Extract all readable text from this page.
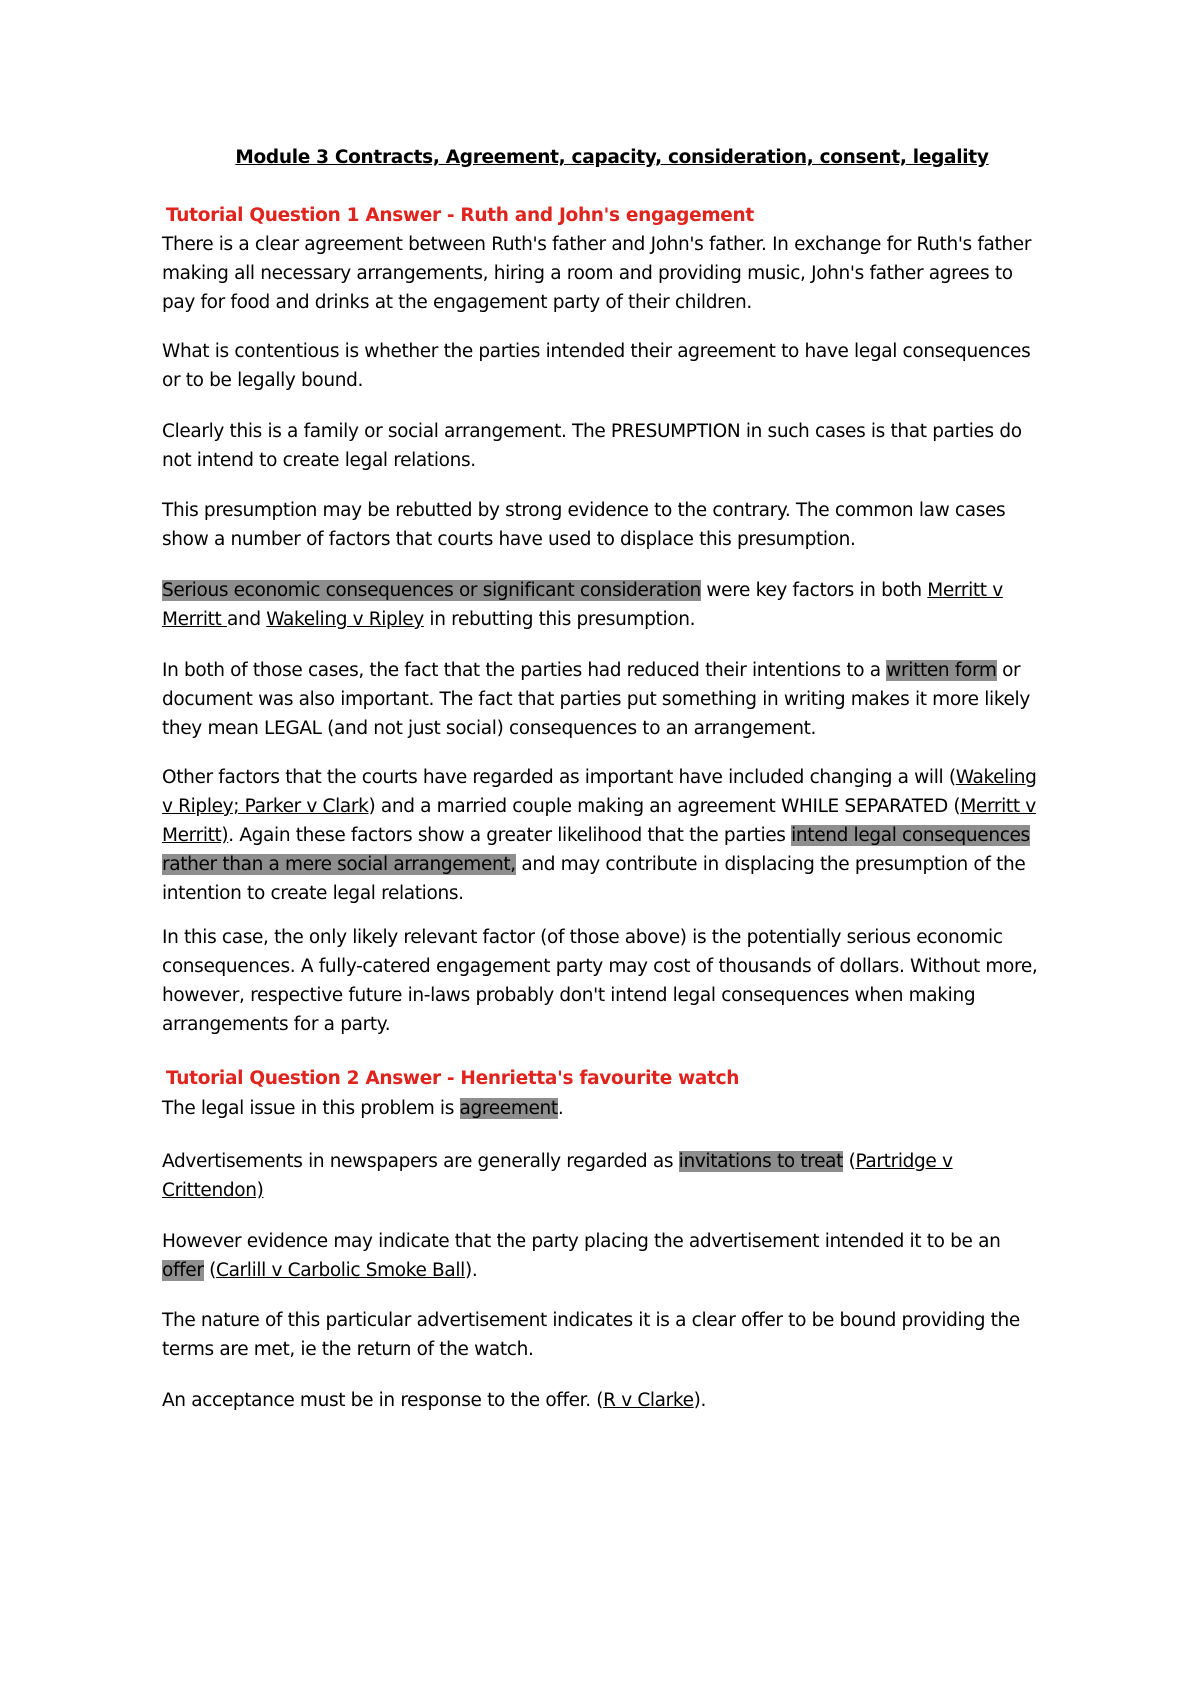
Module 3 Contracts, Agreement, capacity, consideration, consent, legality
Tutorial Question 1 Answer - Ruth and John's engagement
There is a clear agreement between Ruth's father and John's father. In exchange for Ruth's father
making all necessary arrangements, hiring a room and providing music, John's father agrees to
pay for food and drinks at the engagement party of their children.
What is contentious is whether the parties intended their agreement to have legal consequences
or to be legally bound.
Clearly this is a family or social arrangement. The PRESUMPTION in such cases is that parties do
not intend to create legal relations.
This presumption may be rebutted by strong evidence to the contrary. The common law cases
show a number of factors that courts have used to displace this presumption.
Serious economic consequences or significant consideration were key factors in both Merritt v
Merritt and Wakeling v Ripley in rebutting this presumption.
In both of those cases, the fact that the parties had reduced their intentions to a written form or
document was also important. The fact that parties put something in writing makes it more likely
they mean LEGAL (and not just social) consequences to an arrangement.
Other factors that the courts have regarded as important have included changing a will (Wakeling
v Ripley; Parker v Clark) and a married couple making an agreement WHILE SEPARATED (Merritt v
Merritt). Again these factors show a greater likelihood that the parties intend legal consequences
rather than a mere social arrangement, and may contribute in displacing the presumption of the
intention to create legal relations.
In this case, the only likely relevant factor (of those above) is the potentially serious economic
consequences. A fully-catered engagement party may cost of thousands of dollars. Without more,
however, respective future in-laws probably don't intend legal consequences when making
arrangements for a party.
Tutorial Question 2 Answer - Henrietta's favourite watch
The legal issue in this problem is agreement.
Advertisements in newspapers are generally regarded as invitations to treat (Partridge v
Crittendon)
However evidence may indicate that the party placing the advertisement intended it to be an
offer (Carlill v Carbolic Smoke Ball).
The nature of this particular advertisement indicates it is a clear offer to be bound providing the
terms are met, ie the return of the watch.
An acceptance must be in response to the offer. (R v Clarke).
